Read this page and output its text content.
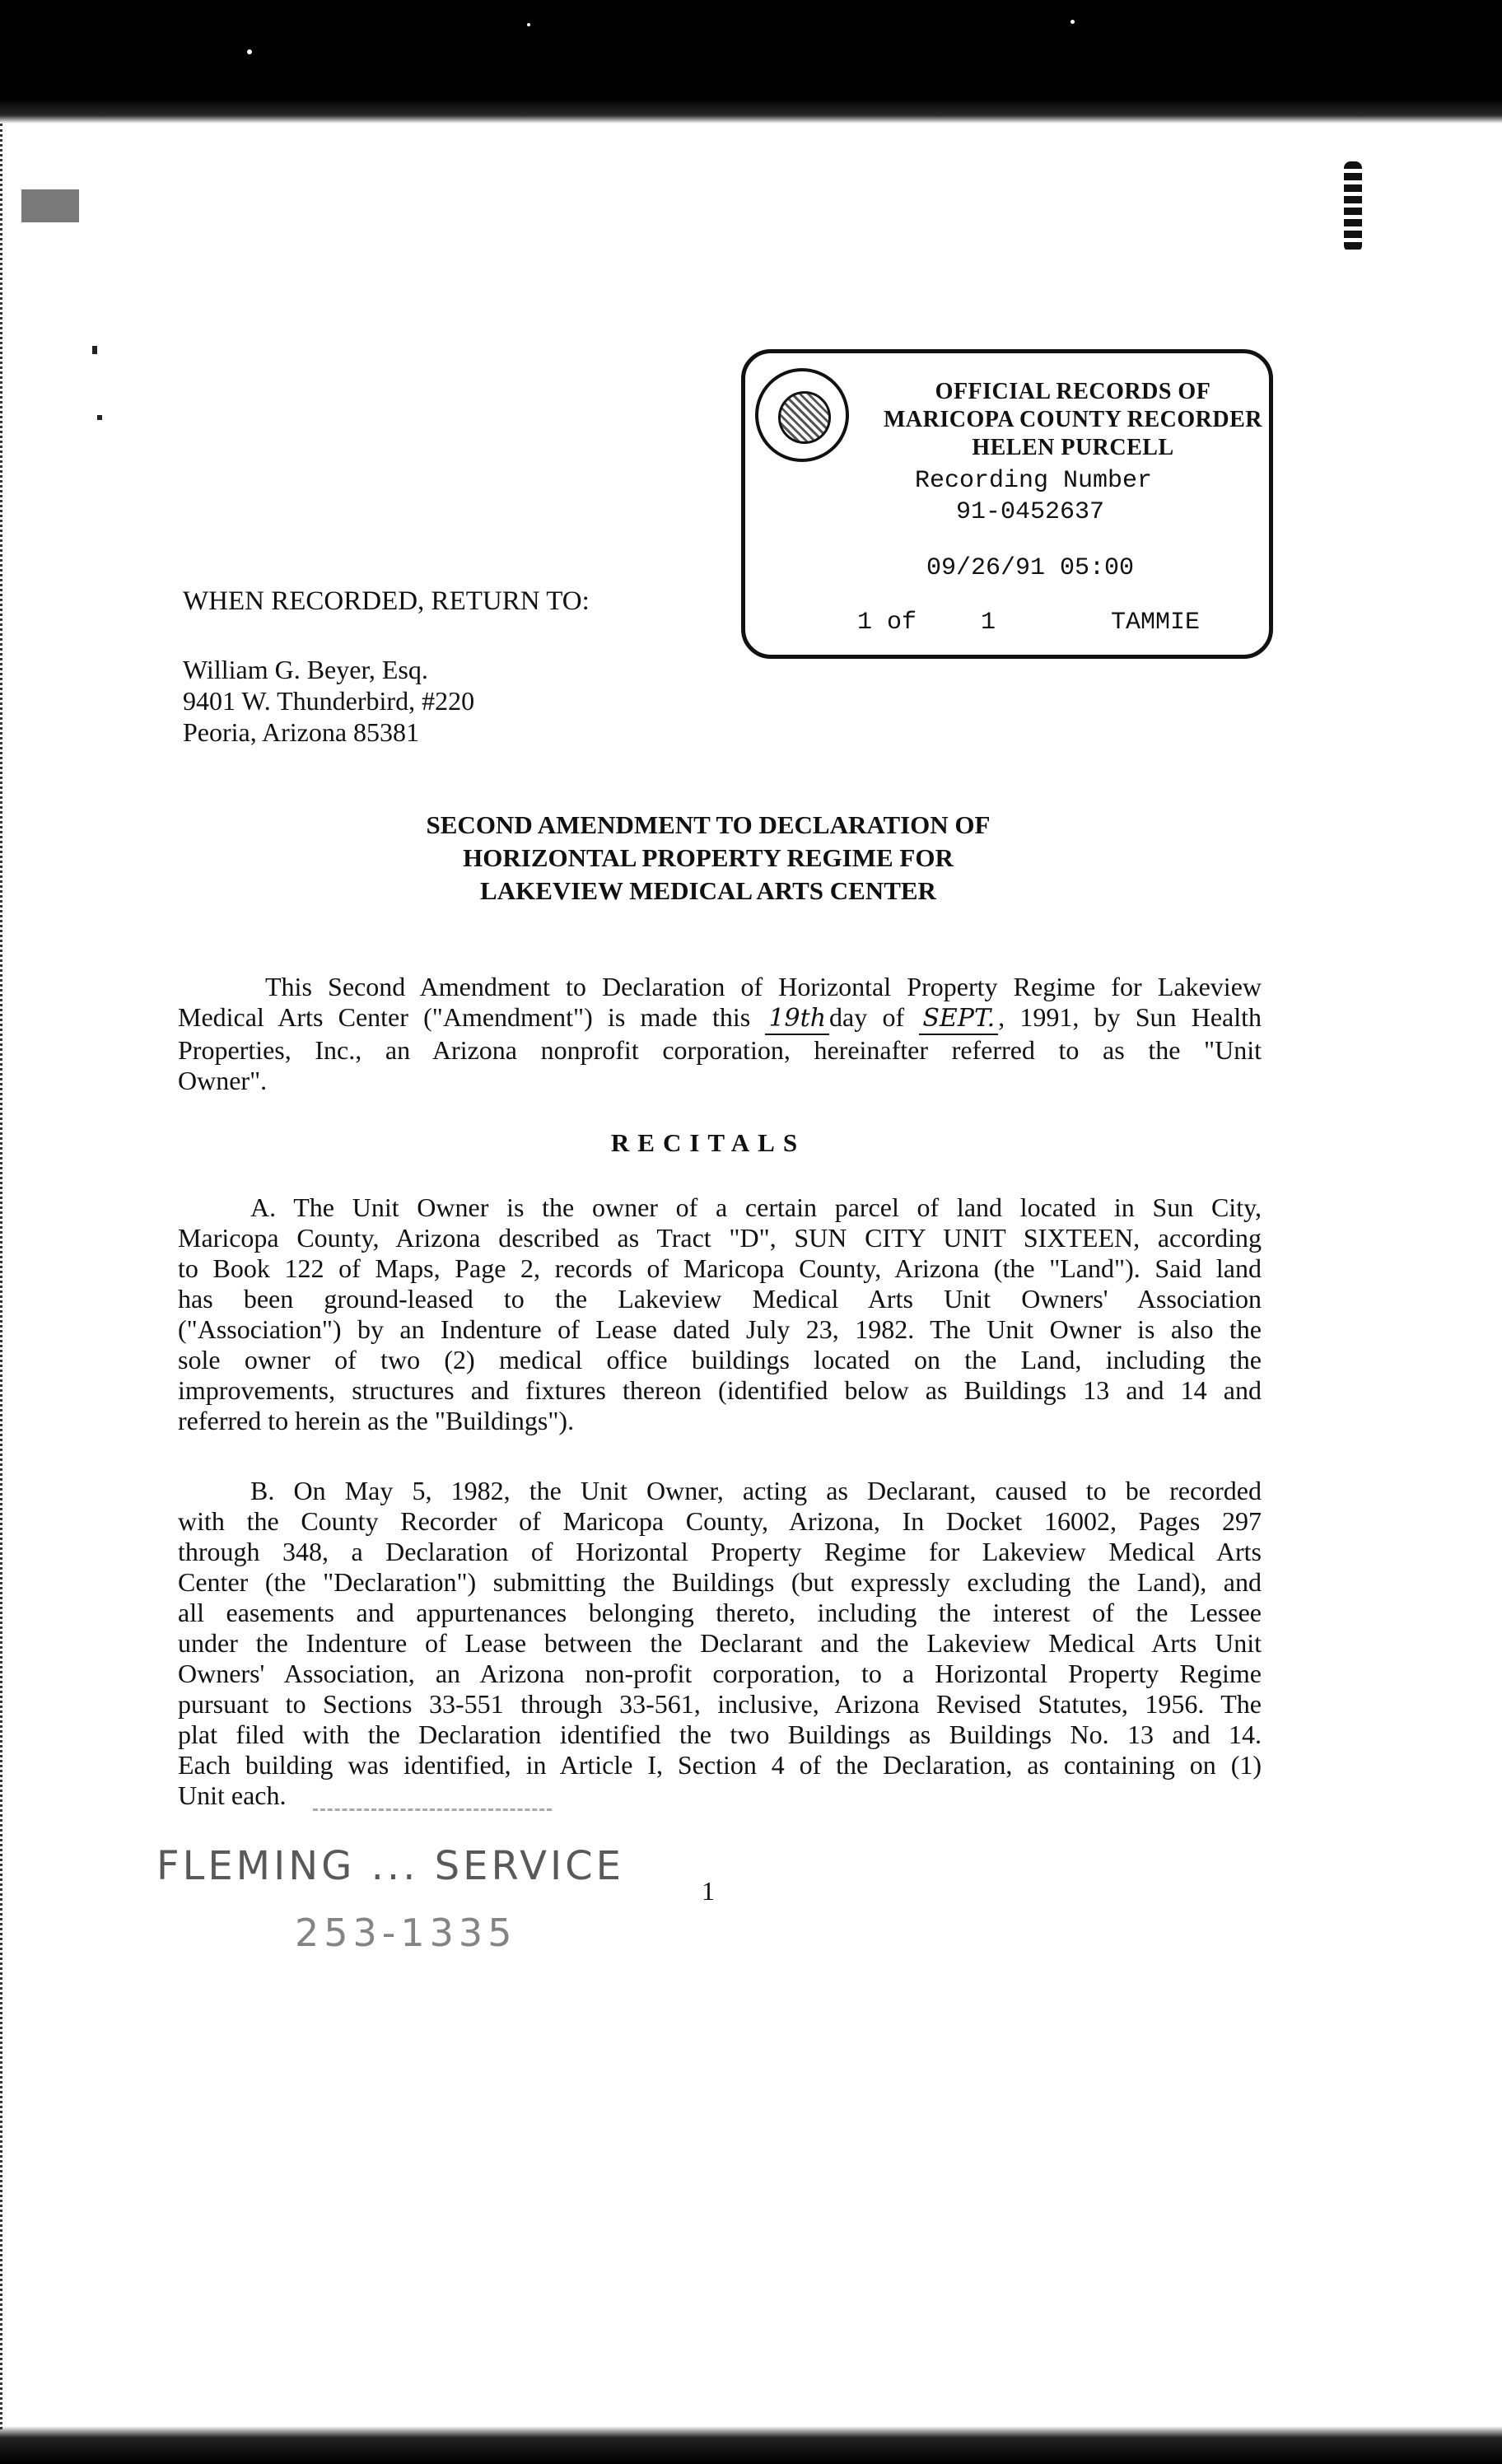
OFFICIAL RECORDS OF
MARICOPA COUNTY RECORDER
HELEN PURCELL
Recording Number
91-0452637
09/26/91 05:00
1 of	1	TAMMIE
WHEN RECORDED, RETURN TO:
William G. Beyer, Esq.
9401 W. Thunderbird, #220
Peoria, Arizona 85381
SECOND AMENDMENT TO DECLARATION OF
HORIZONTAL PROPERTY REGIME FOR
LAKEVIEW MEDICAL ARTS CENTER
This Second Amendment to Declaration of Horizontal Property Regime for Lakeview
Medical Arts Center ("Amendment") is made this 19th day of SEPT. , 1991, by Sun Health
Properties, Inc., an Arizona nonprofit corporation, hereinafter referred to as the "Unit
Owner".
RECITALS
A. The Unit Owner is the owner of a certain parcel of land located in Sun City,
Maricopa County, Arizona described as Tract "D", SUN CITY UNIT SIXTEEN, according
to Book 122 of Maps, Page 2, records of Maricopa County, Arizona (the "Land"). Said land
has been ground-leased to the Lakeview Medical Arts Unit Owners' Association
("Association") by an Indenture of Lease dated July 23, 1982. The Unit Owner is also the
sole owner of two (2) medical office buildings located on the Land, including the
improvements, structures and fixtures thereon (identified below as Buildings 13 and 14 and
referred to herein as the "Buildings").
B. On May 5, 1982, the Unit Owner, acting as Declarant, caused to be recorded
with the County Recorder of Maricopa County, Arizona, In Docket 16002, Pages 297
through 348, a Declaration of Horizontal Property Regime for Lakeview Medical Arts
Center (the "Declaration") submitting the Buildings (but expressly excluding the Land), and
all easements and appurtenances belonging thereto, including the interest of the Lessee
under the Indenture of Lease between the Declarant and the Lakeview Medical Arts Unit
Owners' Association, an Arizona non-profit corporation, to a Horizontal Property Regime
pursuant to Sections 33-551 through 33-561, inclusive, Arizona Revised Statutes, 1956. The
plat filed with the Declaration identified the two Buildings as Buildings No. 13 and 14.
Each building was identified, in Article I, Section 4 of the Declaration, as containing on (1)
Unit each.
FLEMING ... SERVICE
253-1335
1
